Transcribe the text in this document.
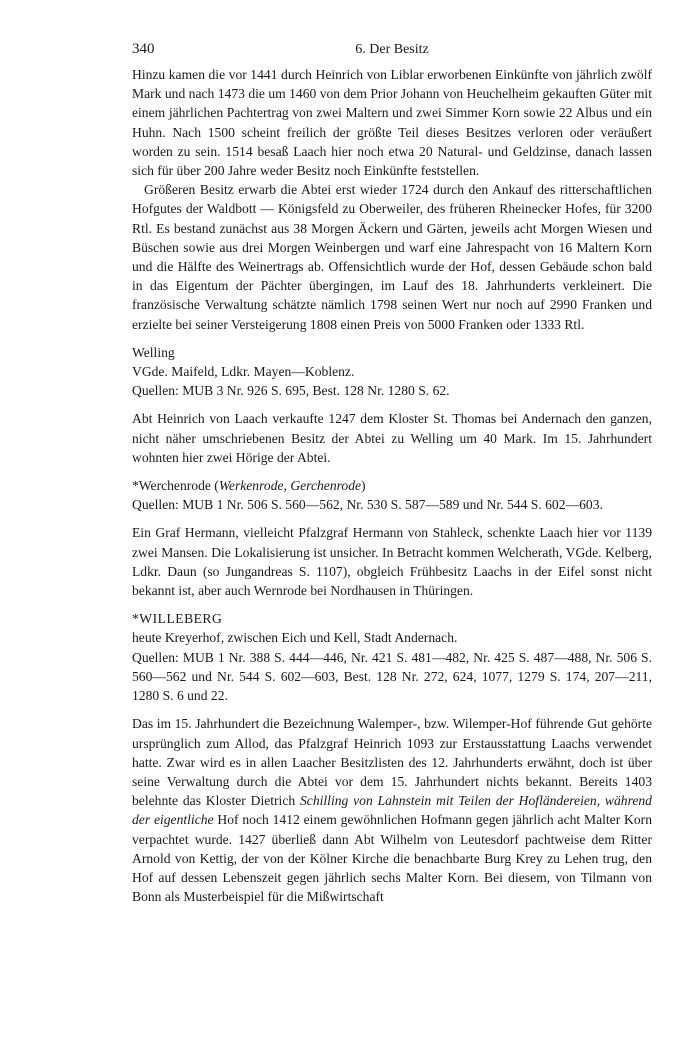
340	6. Der Besitz

Hinzu kamen die vor 1441 durch Heinrich von Liblar erworbenen Einkünfte von jährlich zwölf Mark und nach 1473 die um 1460 von dem Prior Johann von Heuchelheim gekauften Güter mit einem jährlichen Pachtertrag von zwei Maltern und zwei Simmer Korn sowie 22 Albus und ein Huhn. Nach 1500 scheint freilich der größte Teil dieses Besitzes verloren oder veräußert worden zu sein. 1514 besaß Laach hier noch etwa 20 Natural- und Geldzinse, danach lassen sich für über 200 Jahre weder Besitz noch Einkünfte feststellen.

Größeren Besitz erwarb die Abtei erst wieder 1724 durch den Ankauf des ritterschaftlichen Hofgutes der Waldbott — Königsfeld zu Oberweiler, des früheren Rheinecker Hofes, für 3200 Rtl. Es bestand zunächst aus 38 Morgen Äckern und Gärten, jeweils acht Morgen Wiesen und Büschen sowie aus drei Morgen Weinbergen und warf eine Jahrespacht von 16 Maltern Korn und die Hälfte des Weinertrags ab. Offensichtlich wurde der Hof, dessen Gebäude schon bald in das Eigentum der Pächter übergingen, im Lauf des 18. Jahrhunderts verkleinert. Die französische Verwaltung schätzte nämlich 1798 seinen Wert nur noch auf 2990 Franken und erzielte bei seiner Versteigerung 1808 einen Preis von 5000 Franken oder 1333 Rtl.

Welling

VGde. Maifeld, Ldkr. Mayen—Koblenz.

Quellen: MUB 3 Nr. 926 S. 695, Best. 128 Nr. 1280 S. 62.

Abt Heinrich von Laach verkaufte 1247 dem Kloster St. Thomas bei Andernach den ganzen, nicht näher umschriebenen Besitz der Abtei zu Welling um 40 Mark. Im 15. Jahrhundert wohnten hier zwei Hörige der Abtei.

*Werchenrode (Werkenrode, Gerchenrode)

Quellen: MUB 1 Nr. 506 S. 560—562, Nr. 530 S. 587—589 und Nr. 544 S. 602—603.

Ein Graf Hermann, vielleicht Pfalzgraf Hermann von Stahleck, schenkte Laach hier vor 1139 zwei Mansen. Die Lokalisierung ist unsicher. In Betracht kommen Welcherath, VGde. Kelberg, Ldkr. Daun (so Jungandreas S. 1107), obgleich Frühbesitz Laachs in der Eifel sonst nicht bekannt ist, aber auch Wernrode bei Nordhausen in Thüringen.

*WILLEBERG

heute Kreyerhof, zwischen Eich und Kell, Stadt Andernach.

Quellen: MUB 1 Nr. 388 S. 444—446, Nr. 421 S. 481—482, Nr. 425 S. 487—488, Nr. 506 S. 560—562 und Nr. 544 S. 602—603, Best. 128 Nr. 272, 624, 1077, 1279 S. 174, 207—211, 1280 S. 6 und 22.

Das im 15. Jahrhundert die Bezeichnung Walemper-, bzw. Wilemper-Hof führende Gut gehörte ursprünglich zum Allod, das Pfalzgraf Heinrich 1093 zur Erstausstattung Laachs verwendet hatte. Zwar wird es in allen Laacher Besitzlisten des 12. Jahrhunderts erwähnt, doch ist über seine Verwaltung durch die Abtei vor dem 15. Jahrhundert nichts bekannt. Bereits 1403 belehnte das Kloster Dietrich Schilling von Lahnstein mit Teilen der Hofländereien, während der eigentliche Hof noch 1412 einem gewöhnlichen Hofmann gegen jährlich acht Malter Korn verpachtet wurde. 1427 überließ dann Abt Wilhelm von Leutesdorf pachtweise dem Ritter Arnold von Kettig, der von der Kölner Kirche die benachbarte Burg Krey zu Lehen trug, den Hof auf dessen Lebenszeit gegen jährlich sechs Malter Korn. Bei diesem, von Tilmann von Bonn als Musterbeispiel für die Mißwirtschaft
